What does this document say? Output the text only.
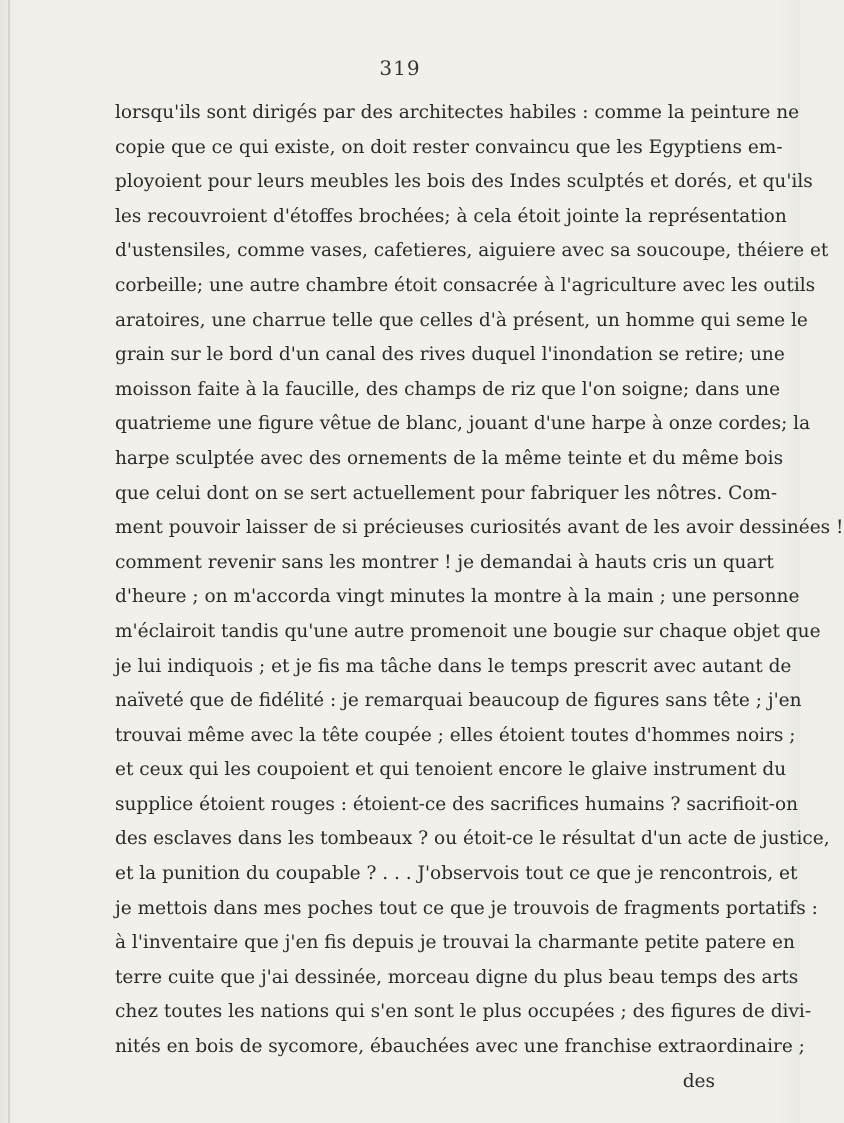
319
lorsqu'ils sont dirigés par des architectes habiles : comme la peinture ne
copie que ce qui existe, on doit rester convaincu que les Egyptiens em-
ployoient pour leurs meubles les bois des Indes sculptés et dorés, et qu'ils
les recouvroient d'étoffes brochées; à cela étoit jointe la représentation
d'ustensiles, comme vases, cafetieres, aiguiere avec sa soucoupe, théiere et
corbeille; une autre chambre étoit consacrée à l'agriculture avec les outils
aratoires, une charrue telle que celles d'à présent, un homme qui seme le
grain sur le bord d'un canal des rives duquel l'inondation se retire; une
moisson faite à la faucille, des champs de riz que l'on soigne; dans une
quatrieme une figure vêtue de blanc, jouant d'une harpe à onze cordes; la
harpe sculptée avec des ornements de la même teinte et du même bois
que celui dont on se sert actuellement pour fabriquer les nôtres. Com-
ment pouvoir laisser de si précieuses curiosités avant de les avoir dessinées !
comment revenir sans les montrer ! je demandai à hauts cris un quart
d'heure ; on m'accorda vingt minutes la montre à la main ; une personne
m'éclairoit tandis qu'une autre promenoit une bougie sur chaque objet que
je lui indiquois ; et je fis ma tâche dans le temps prescrit avec autant de
naïveté que de fidélité : je remarquai beaucoup de figures sans tête ; j'en
trouvai même avec la tête coupée ; elles étoient toutes d'hommes noirs ;
et ceux qui les coupoient et qui tenoient encore le glaive instrument du
supplice étoient rouges : étoient-ce des sacrifices humains ? sacrifioit-on
des esclaves dans les tombeaux ? ou étoit-ce le résultat d'un acte de justice,
et la punition du coupable ? . . . J'observois tout ce que je rencontrois, et
je mettois dans mes poches tout ce que je trouvois de fragments portatifs :
à l'inventaire que j'en fis depuis je trouvai la charmante petite patere en
terre cuite que j'ai dessinée, morceau digne du plus beau temps des arts
chez toutes les nations qui s'en sont le plus occupées ; des figures de divi-
nités en bois de sycomore, ébauchées avec une franchise extraordinaire ;
des
